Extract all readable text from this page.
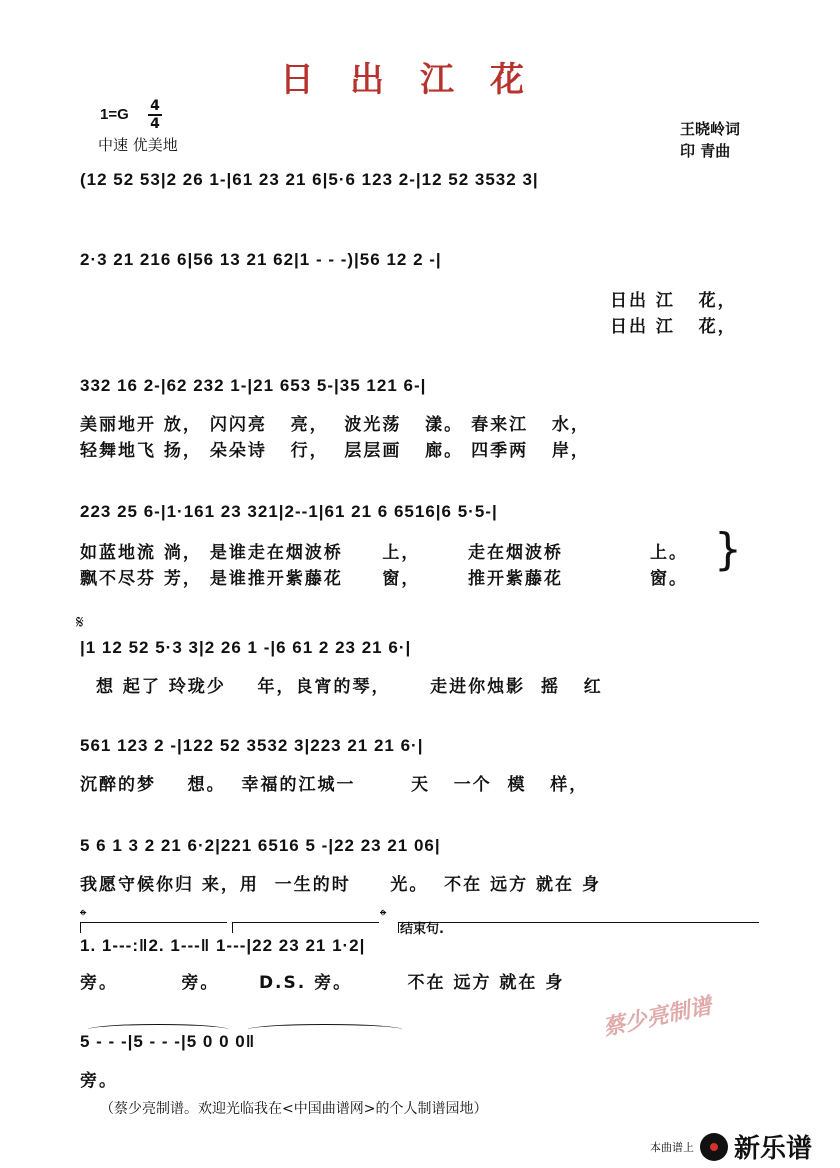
日出江花
1=G 4
4
中速 优美地
王晓岭词
印 青曲
(12 52 53|2 26 1-|61 23 21 6|5·6 123 2-|12 52 3532 3|
2·3 21 216 6|56 13 21 62|1 - - -)|56 12 2 -|
日出 江   花，
日出 江   花，
332 16 2-|62 232 1-|21 653 5-|35 121 6-|
美丽地开 放， 闪闪亮   亮，  波光荡   漾。 春来江   水，
轻舞地飞 扬， 朵朵诗   行，  层层画   廊。 四季两   岸，
223 25 6-|1·161 23 321|2--1|61 21 6 6516|6 5·5-|
如蓝地流 淌， 是谁走在烟波桥     上，      走在烟波桥           上。
飘不尽芬 芳， 是谁推开紫藤花     窗，      推开紫藤花           窗。
}
𝄋
|1 12 52 5·3 3|2 26 1 -|6 61 2 23 21 6·|
想 起了 玲珑少    年，良宵的琴，     走进你烛影  摇   红
561 123 2 -|122 52 3532 3|223 21 21 6·|
沉醉的梦    想。  幸福的江城一       天   一个  模   样，
5 6 1 3 2 21 6·2|221 6516 5 -|22 23 21 06|
我愿守候你归 来，用  一生的时     光。  不在 远方 就在 身
𝄌	𝄌
结束句.
1. 1---:‖2. 1---‖ 1---|22 23 21 1·2|
旁。        旁。     D.S. 旁。       不在 远方 就在 身
5 - - -|5 - - -|5 0 0 0‖
旁。
蔡少亮制谱
（蔡少亮制谱。欢迎光临我在<中国曲谱网>的个人制谱园地）
本曲谱上 新乐谱
